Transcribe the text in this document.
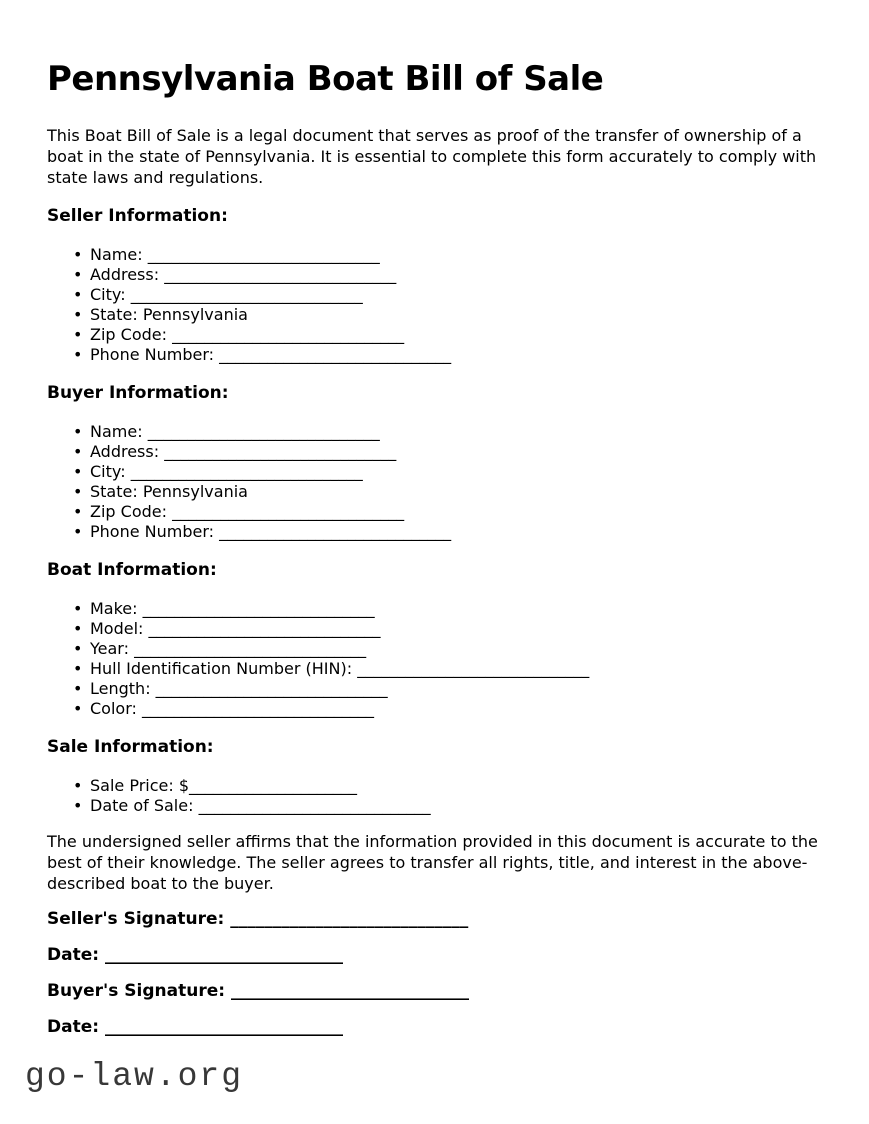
Pennsylvania Boat Bill of Sale

This Boat Bill of Sale is a legal document that serves as proof of the transfer of ownership of a boat in the state of Pennsylvania. It is essential to complete this form accurately to comply with state laws and regulations.

Seller Information:
• Name: _____________________________
• Address: _____________________________
• City: _____________________________
• State: Pennsylvania
• Zip Code: _____________________________
• Phone Number: _____________________________
Buyer Information:
• Name: _____________________________
• Address: _____________________________
• City: _____________________________
• State: Pennsylvania
• Zip Code: _____________________________
• Phone Number: _____________________________
Boat Information:
• Make: _____________________________
• Model: _____________________________
• Year: _____________________________
• Hull Identification Number (HIN): _____________________________
• Length: _____________________________
• Color: _____________________________
Sale Information:
• Sale Price: $_____________________
• Date of Sale: _____________________________

The undersigned seller affirms that the information provided in this document is accurate to the best of their knowledge. The seller agrees to transfer all rights, title, and interest in the above-described boat to the buyer.

Seller's Signature: ____________________________
Date: ____________________________
Buyer's Signature: ____________________________
Date: ____________________________
go-law.org
